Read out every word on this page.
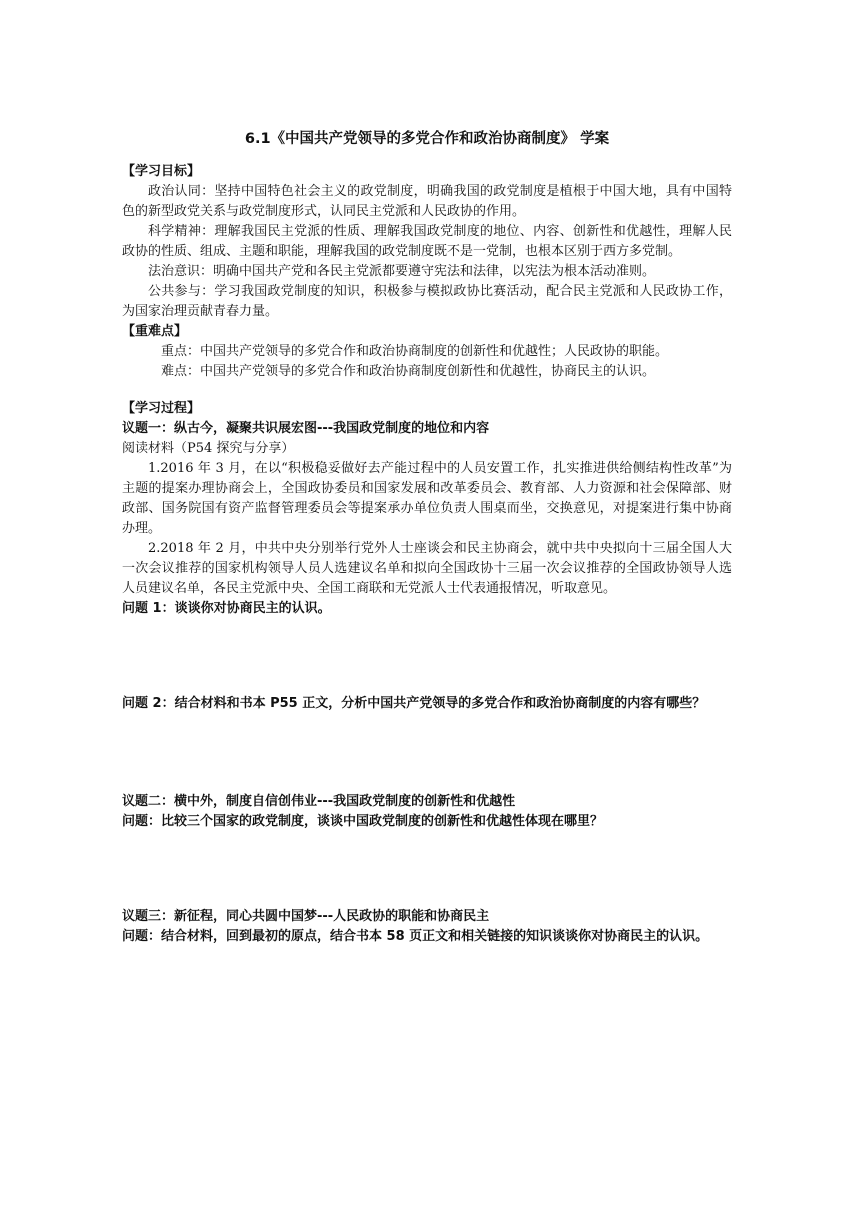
6.1《中国共产党领导的多党合作和政治协商制度》 学案

【学习目标】

政治认同：坚持中国特色社会主义的政党制度，明确我国的政党制度是植根于中国大地，具有中国特色的新型政党关系与政党制度形式，认同民主党派和人民政协的作用。

科学精神：理解我国民主党派的性质、理解我国政党制度的地位、内容、创新性和优越性，理解人民政协的性质、组成、主题和职能，理解我国的政党制度既不是一党制，也根本区别于西方多党制。

法治意识：明确中国共产党和各民主党派都要遵守宪法和法律，以宪法为根本活动准则。

公共参与：学习我国政党制度的知识，积极参与模拟政协比赛活动，配合民主党派和人民政协工作，为国家治理贡献青春力量。

【重难点】

重点：中国共产党领导的多党合作和政治协商制度的创新性和优越性；人民政协的职能。

难点：中国共产党领导的多党合作和政治协商制度创新性和优越性，协商民主的认识。

【学习过程】

议题一：纵古今，凝聚共识展宏图---我国政党制度的地位和内容

阅读材料（P54 探究与分享）

1.2016 年 3 月，在以“积极稳妥做好去产能过程中的人员安置工作，扎实推进供给侧结构性改革”为主题的提案办理协商会上，全国政协委员和国家发展和改革委员会、教育部、人力资源和社会保障部、财政部、国务院国有资产监督管理委员会等提案承办单位负责人围桌而坐，交换意见，对提案进行集中协商办理。

2.2018 年 2 月，中共中央分别举行党外人士座谈会和民主协商会，就中共中央拟向十三届全国人大一次会议推荐的国家机构领导人员人选建议名单和拟向全国政协十三届一次会议推荐的全国政协领导人选人员建议名单，各民主党派中央、全国工商联和无党派人士代表通报情况，听取意见。

问题 1：谈谈你对协商民主的认识。

问题 2：结合材料和书本 P55 正文，分析中国共产党领导的多党合作和政治协商制度的内容有哪些？

议题二：横中外，制度自信创伟业---我国政党制度的创新性和优越性

问题：比较三个国家的政党制度，谈谈中国政党制度的创新性和优越性体现在哪里？

议题三：新征程，同心共圆中国梦---人民政协的职能和协商民主

问题：结合材料，回到最初的原点，结合书本 58 页正文和相关链接的知识谈谈你对协商民主的认识。
